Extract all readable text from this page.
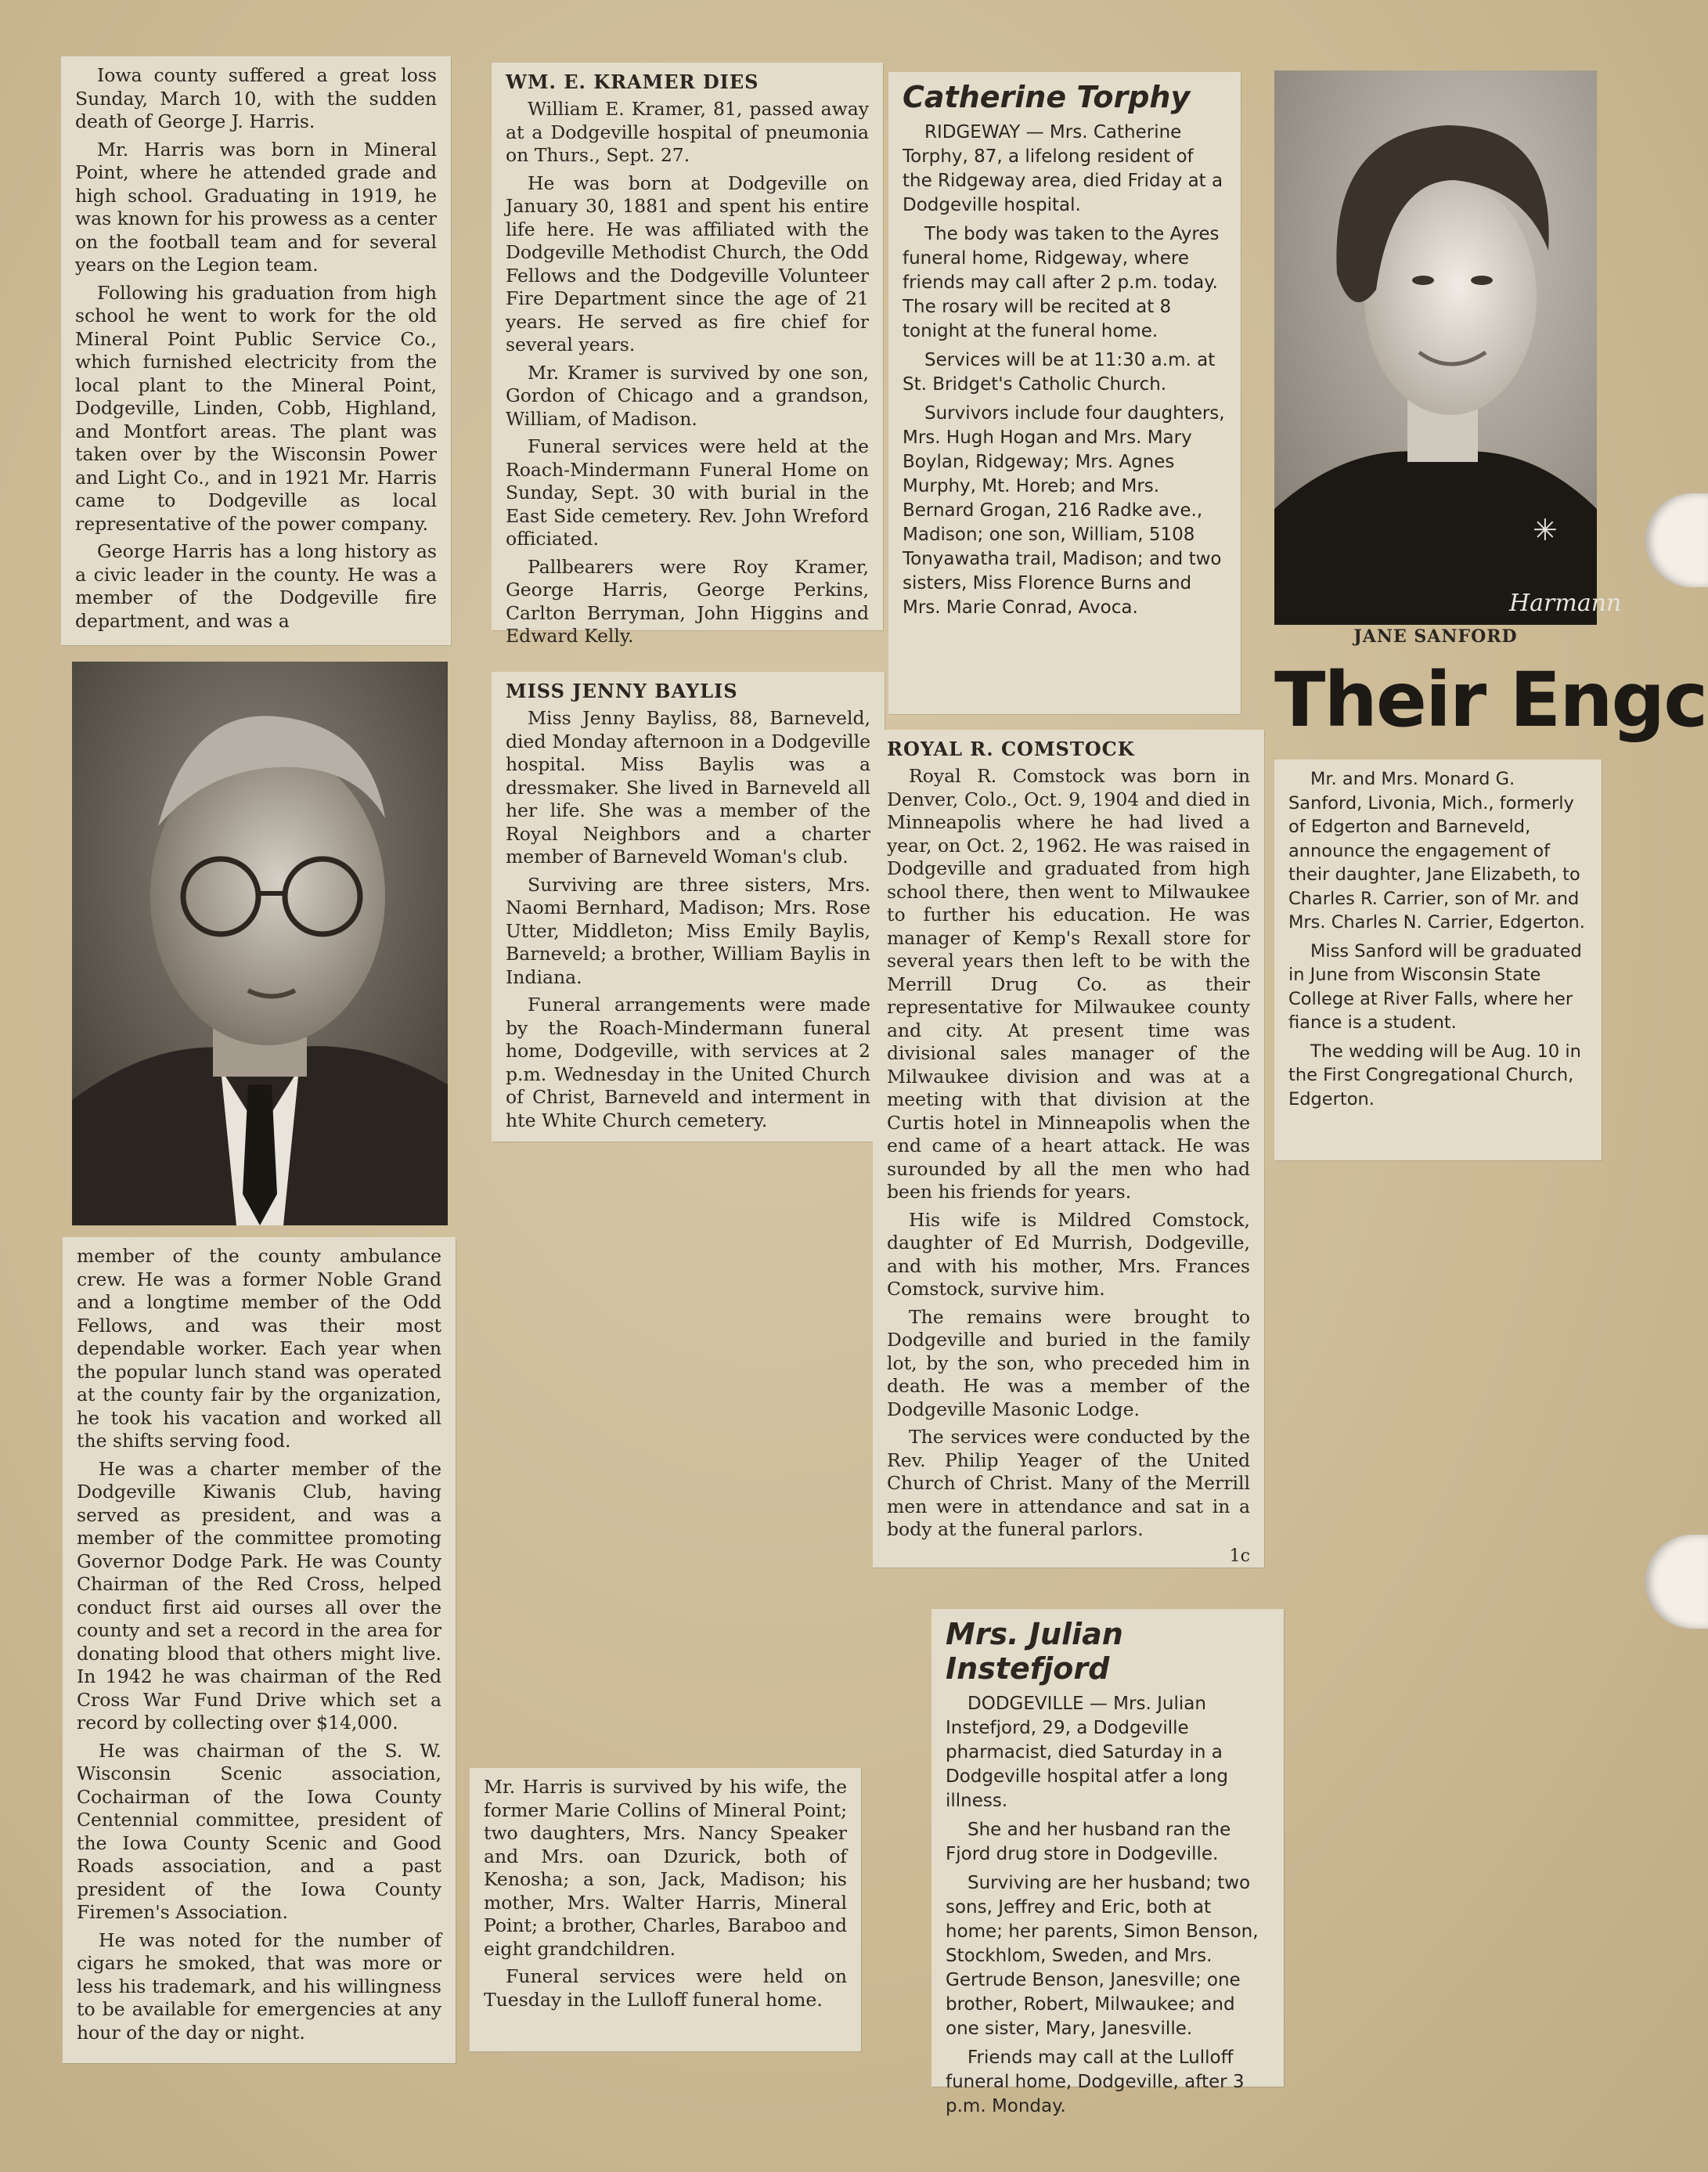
Iowa county suffered a great loss Sunday, March 10, with the sudden death of George J. Harris.

Mr. Harris was born in Mineral Point, where he attended grade and high school. Graduating in 1919, he was known for his prowess as a center on the football team and for several years on the Legion team.

Following his graduation from high school he went to work for the old Mineral Point Public Service Co., which furnished electricity from the local plant to the Mineral Point, Dodgeville, Linden, Cobb, Highland, and Montfort areas. The plant was taken over by the Wisconsin Power and Light Co., and in 1921 Mr. Harris came to Dodgeville as local representative of the power company.

George Harris has a long history as a civic leader in the county. He was a member of the Dodgeville fire department, and was a

member of the county ambulance crew. He was a former Noble Grand and a longtime member of the Odd Fellows, and was their most dependable worker. Each year when the popular lunch stand was operated at the county fair by the organization, he took his vacation and worked all the shifts serving food.

He was a charter member of the Dodgeville Kiwanis Club, having served as president, and was a member of the committee promoting Governor Dodge Park. He was County Chairman of the Red Cross, helped conduct first aid ourses all over the county and set a record in the area for donating blood that others might live. In 1942 he was chairman of the Red Cross War Fund Drive which set a record by collecting over $14,000.

He was chairman of the S. W. Wisconsin Scenic association, Cochairman of the Iowa County Centennial committee, president of the Iowa County Scenic and Good Roads association, and a past president of the Iowa County Firemen's Association.

He was noted for the number of cigars he smoked, that was more or less his trademark, and his willingness to be available for emergencies at any hour of the day or night.

Mr. Harris is survived by his wife, the former Marie Collins of Mineral Point; two daughters, Mrs. Nancy Speaker and Mrs. oan Dzurick, both of Kenosha; a son, Jack, Madison; his mother, Mrs. Walter Harris, Mineral Point; a brother, Charles, Baraboo and eight grandchildren.

Funeral services were held on Tuesday in the Lulloff funeral home.

WM. E. KRAMER DIES

William E. Kramer, 81, passed away at a Dodgeville hospital of pneumonia on Thurs., Sept. 27.

He was born at Dodgeville on January 30, 1881 and spent his entire life here. He was affiliated with the Dodgeville Methodist Church, the Odd Fellows and the Dodgeville Volunteer Fire Department since the age of 21 years. He served as fire chief for several years.

Mr. Kramer is survived by one son, Gordon of Chicago and a grandson, William, of Madison.

Funeral services were held at the Roach-Mindermann Funeral Home on Sunday, Sept. 30 with burial in the East Side cemetery. Rev. John Wreford officiated.

Pallbearers were Roy Kramer, George Harris, George Perkins, Carlton Berryman, John Higgins and Edward Kelly.

MISS JENNY BAYLIS

Miss Jenny Bayliss, 88, Barneveld, died Monday afternoon in a Dodgeville hospital. Miss Baylis was a dressmaker. She lived in Barneveld all her life. She was a member of the Royal Neighbors and a charter member of Barneveld Woman's club.

Surviving are three sisters, Mrs. Naomi Bernhard, Madison; Mrs. Rose Utter, Middleton; Miss Emily Baylis, Barneveld; a brother, William Baylis in Indiana.

Funeral arrangements were made by the Roach-Mindermann funeral home, Dodgeville, with services at 2 p.m. Wednesday in the United Church of Christ, Barneveld and interment in hte White Church cemetery.

Catherine Torphy

RIDGEWAY — Mrs. Catherine Torphy, 87, a lifelong resident of the Ridgeway area, died Friday at a Dodgeville hospital.

The body was taken to the Ayres funeral home, Ridgeway, where friends may call after 2 p.m. today. The rosary will be recited at 8 tonight at the funeral home.

Services will be at 11:30 a.m. at St. Bridget's Catholic Church.

Survivors include four daughters, Mrs. Hugh Hogan and Mrs. Mary Boylan, Ridgeway; Mrs. Agnes Murphy, Mt. Horeb; and Mrs. Bernard Grogan, 216 Radke ave., Madison; one son, William, 5108 Tonyawatha trail, Madison; and two sisters, Miss Florence Burns and Mrs. Marie Conrad, Avoca.

ROYAL R. COMSTOCK

Royal R. Comstock was born in Denver, Colo., Oct. 9, 1904 and died in Minneapolis where he had lived a year, on Oct. 2, 1962. He was raised in Dodgeville and graduated from high school there, then went to Milwaukee to further his education. He was manager of Kemp's Rexall store for several years then left to be with the Merrill Drug Co. as their representative for Milwaukee county and city. At present time was divisional sales manager of the Milwaukee division and was at a meeting with that division at the Curtis hotel in Minneapolis when the end came of a heart attack. He was surounded by all the men who had been his friends for years.

His wife is Mildred Comstock, daughter of Ed Murrish, Dodgeville, and with his mother, Mrs. Frances Comstock, survive him.

The remains were brought to Dodgeville and buried in the family lot, by the son, who preceded him in death. He was a member of the Dodgeville Masonic Lodge.

The services were conducted by the Rev. Philip Yeager of the United Church of Christ. Many of the Merrill men were in attendance and sat in a body at the funeral parlors.

1c
✳
Harmann
JANE SANFORD
Their Engc

Mr. and Mrs. Monard G. Sanford, Livonia, Mich., formerly of Edgerton and Barneveld, announce the engagement of their daughter, Jane Elizabeth, to Charles R. Carrier, son of Mr. and Mrs. Charles N. Carrier, Edgerton.

Miss Sanford will be graduated in June from Wisconsin State College at River Falls, where her fiance is a student.

The wedding will be Aug. 10 in the First Congregational Church, Edgerton.

Mrs. Julian Instefjord

DODGEVILLE — Mrs. Julian Instefjord, 29, a Dodgeville pharmacist, died Saturday in a Dodgeville hospital atfer a long illness.

She and her husband ran the Fjord drug store in Dodgeville.

Surviving are her husband; two sons, Jeffrey and Eric, both at home; her parents, Simon Benson, Stockhlom, Sweden, and Mrs. Gertrude Benson, Janesville; one brother, Robert, Milwaukee; and one sister, Mary, Janesville.

Friends may call at the Lulloff funeral home, Dodgeville, after 3 p.m. Monday.
